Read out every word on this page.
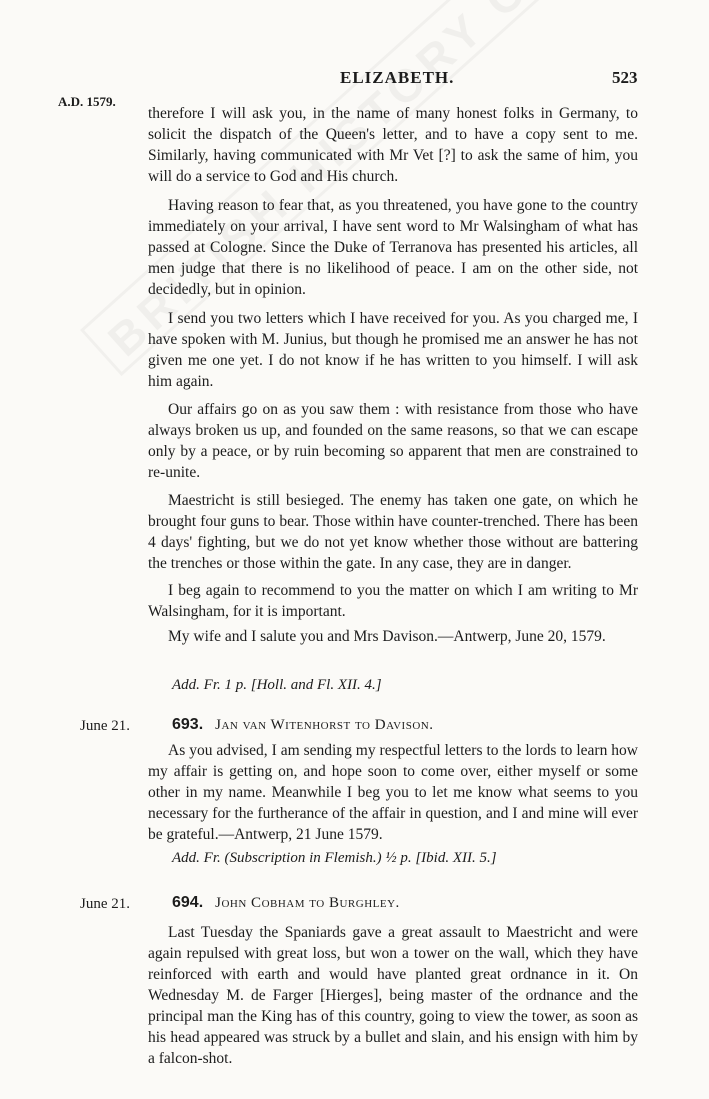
ELIZABETH.	523
A.D. 1579.

therefore I will ask you, in the name of many honest folks in Germany, to solicit the dispatch of the Queen's letter, and to have a copy sent to me. Similarly, having communicated with Mr Vet [?] to ask the same of him, you will do a service to God and His church.

Having reason to fear that, as you threatened, you have gone to the country immediately on your arrival, I have sent word to Mr Walsingham of what has passed at Cologne. Since the Duke of Terranova has presented his articles, all men judge that there is no likelihood of peace. I am on the other side, not decidedly, but in opinion.

I send you two letters which I have received for you. As you charged me, I have spoken with M. Junius, but though he promised me an answer he has not given me one yet. I do not know if he has written to you himself. I will ask him again.

Our affairs go on as you saw them : with resistance from those who have always broken us up, and founded on the same reasons, so that we can escape only by a peace, or by ruin becoming so apparent that men are constrained to re-unite.

Maestricht is still besieged. The enemy has taken one gate, on which he brought four guns to bear. Those within have counter-trenched. There has been 4 days' fighting, but we do not yet know whether those without are battering the trenches or those within the gate. In any case, they are in danger.

I beg again to recommend to you the matter on which I am writing to Mr Walsingham, for it is important.

My wife and I salute you and Mrs Davison.—Antwerp, June 20, 1579.

Add. Fr. 1 p. [Holl. and Fl. XII. 4.]
June 21.	693. Jan van Witenhorst to Davison.

As you advised, I am sending my respectful letters to the lords to learn how my affair is getting on, and hope soon to come over, either myself or some other in my name. Meanwhile I beg you to let me know what seems to you necessary for the furtherance of the affair in question, and I and mine will ever be grateful.—Antwerp, 21 June 1579.

Add. Fr. (Subscription in Flemish.) ½ p. [Ibid. XII. 5.]
June 21.	694. John Cobham to Burghley.

Last Tuesday the Spaniards gave a great assault to Maestricht and were again repulsed with great loss, but won a tower on the wall, which they have reinforced with earth and would have planted great ordnance in it. On Wednesday M. de Farger [Hierges], being master of the ordnance and the principal man the King has of this country, going to view the tower, as soon as his head appeared was struck by a bullet and slain, and his ensign with him by a falcon-shot.
